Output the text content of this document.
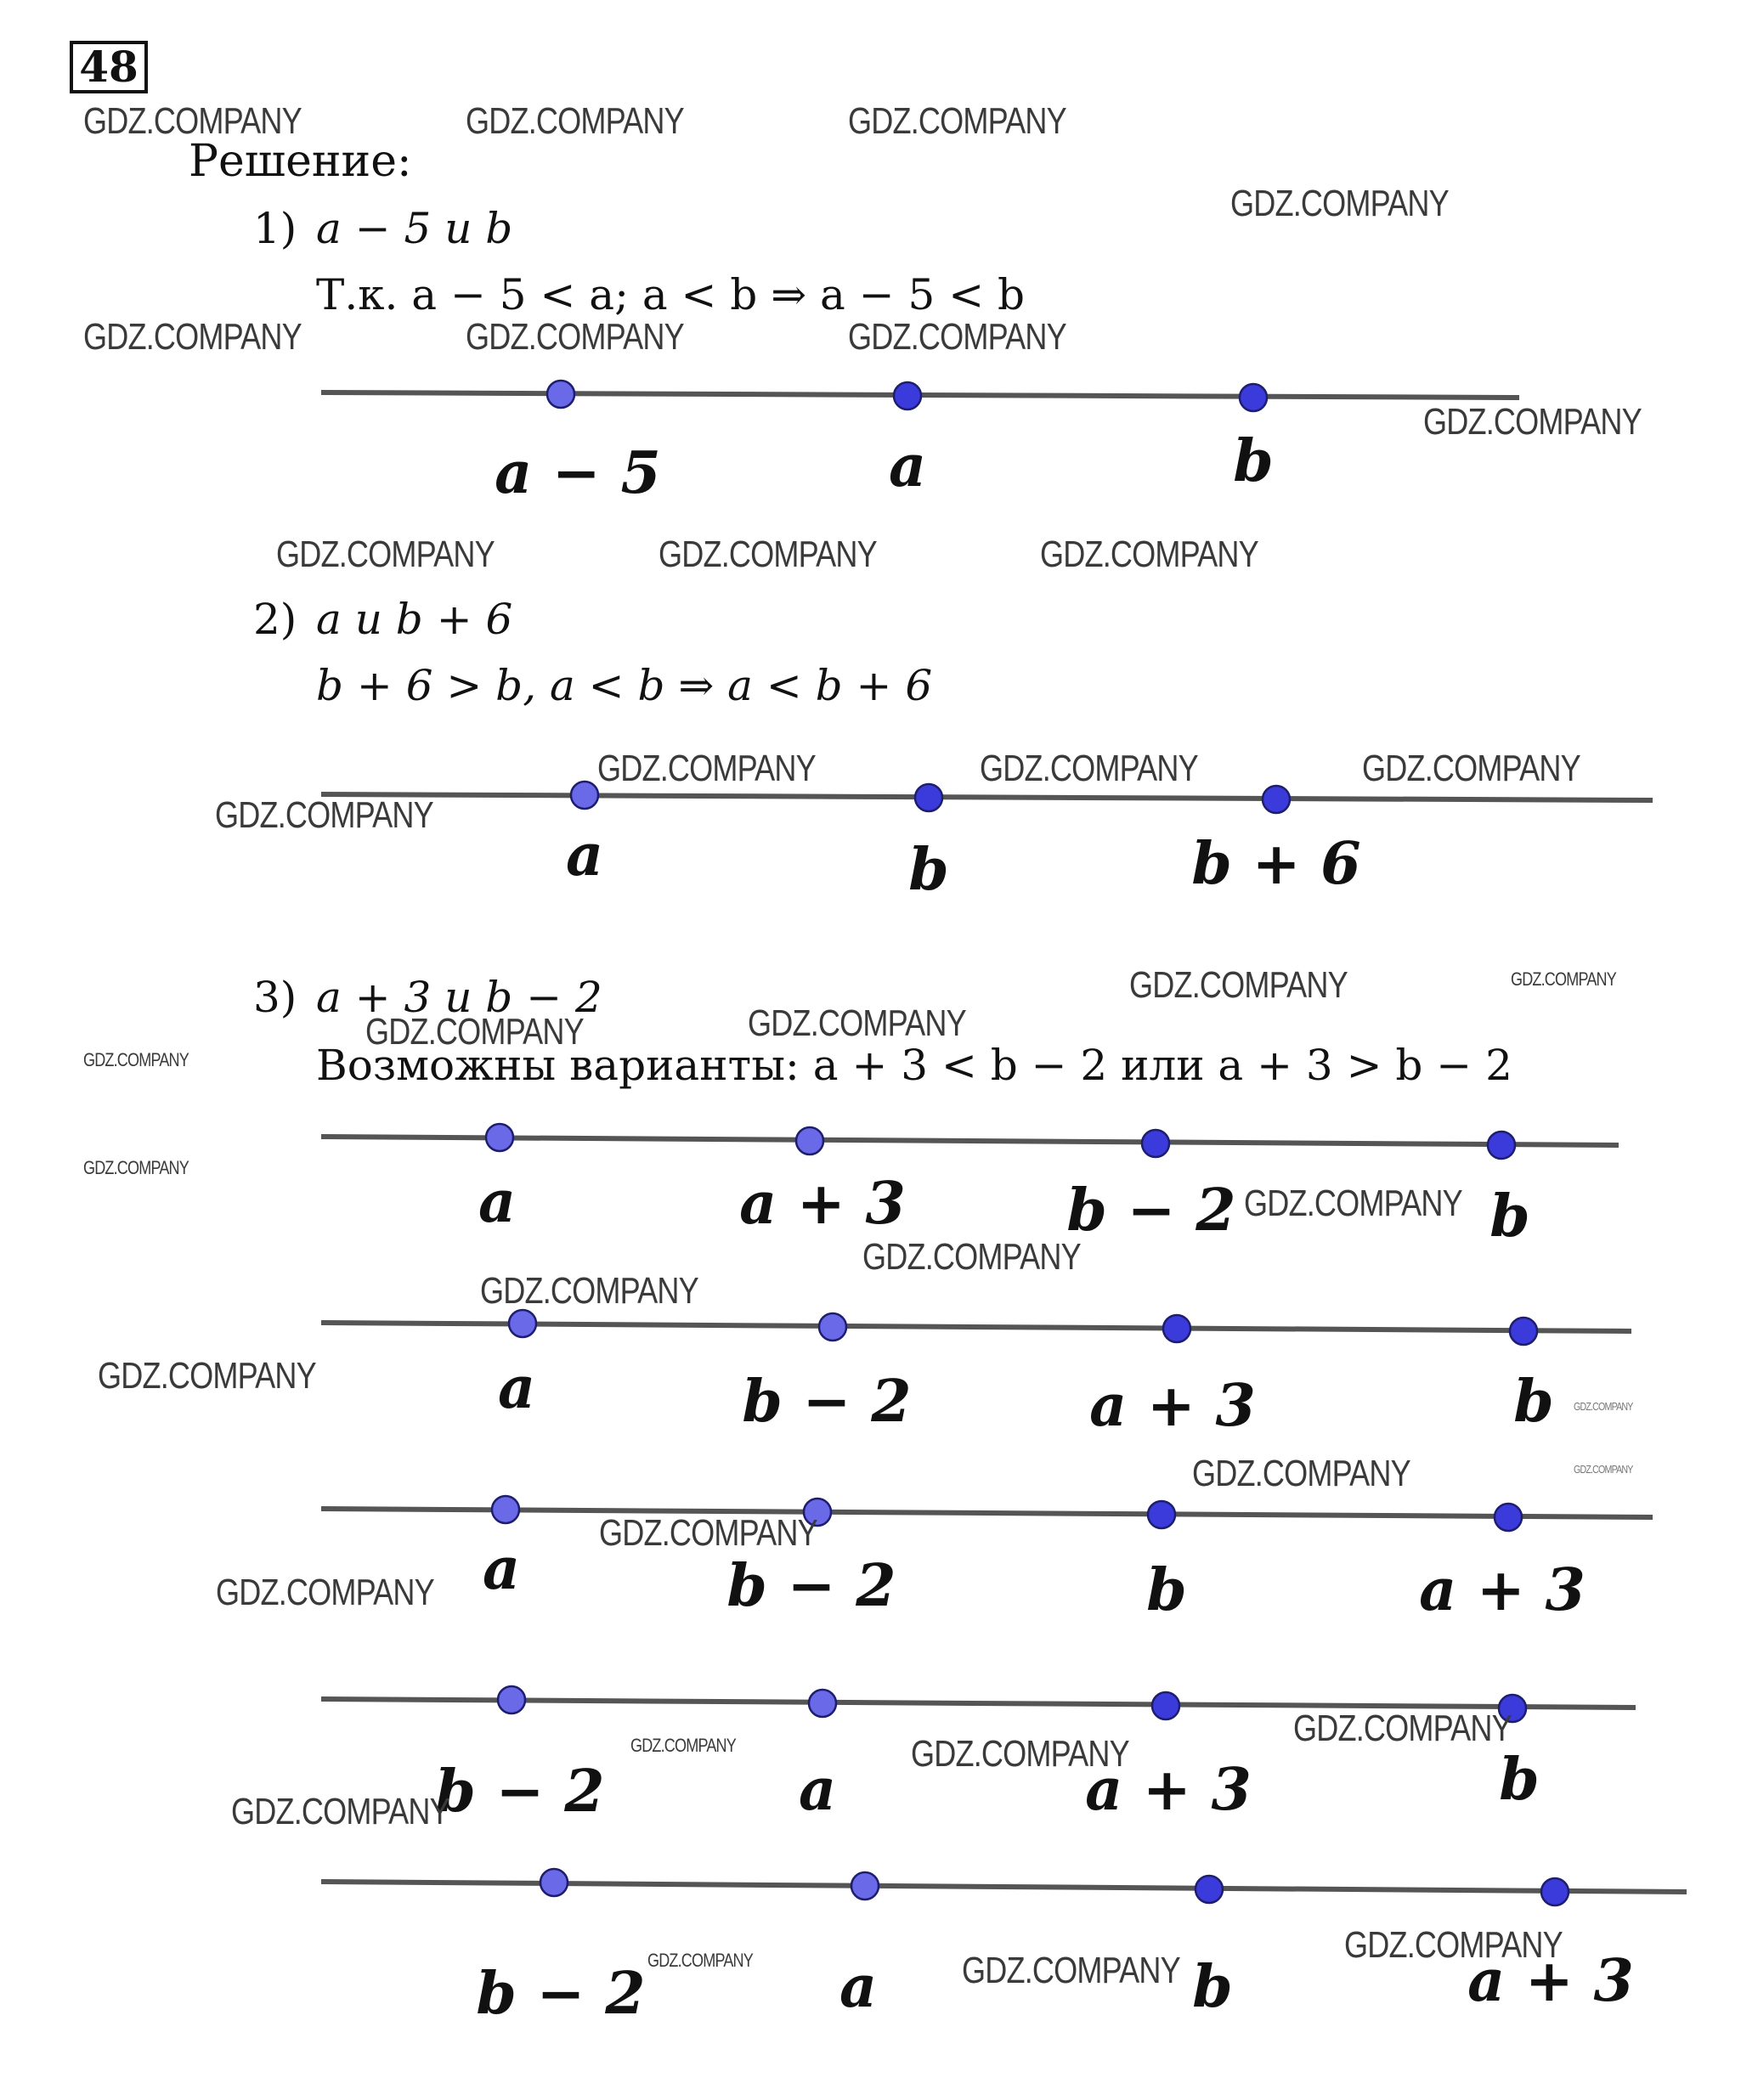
48
Решение:
1) a − 5 и b
Т.к. a − 5 < a; a < b ⇒ a − 5 < b
2) a и b + 6
b + 6 > b, a < b ⇒ a < b + 6
3) a + 3 и b − 2
Возможны варианты: a + 3 < b − 2 или a + 3 > b − 2
a − 5	a	b
a	b	b + 6
a	a + 3	b − 2	b
a	b − 2	a + 3	b
a	b − 2	b	a + 3
b − 2	a	a + 3	b
b − 2	a	b	a + 3
GDZ.COMPANY	GDZ.COMPANY	GDZ.COMPANY
GDZ.COMPANY
GDZ.COMPANY	GDZ.COMPANY	GDZ.COMPANY
GDZ.COMPANY
GDZ.COMPANY	GDZ.COMPANY	GDZ.COMPANY
GDZ.COMPANY	GDZ.COMPANY	GDZ.COMPANY
GDZ.COMPANY
GDZ.COMPANY	GDZ.COMPANY
GDZ.COMPANY	GDZ.COMPANY
GDZ.COMPANY
GDZ.COMPANY
GDZ.COMPANY
GDZ.COMPANY
GDZ.COMPANY
GDZ.COMPANY
GDZ.COMPANY
GDZ.COMPANY
GDZ.COMPANY
GDZ.COMPANY
GDZ.COMPANY
GDZ.COMPANY
GDZ.COMPANY	GDZ.COMPANY
GDZ.COMPANY
GDZ.COMPANY
GDZ.COMPANY	GDZ.COMPANY
